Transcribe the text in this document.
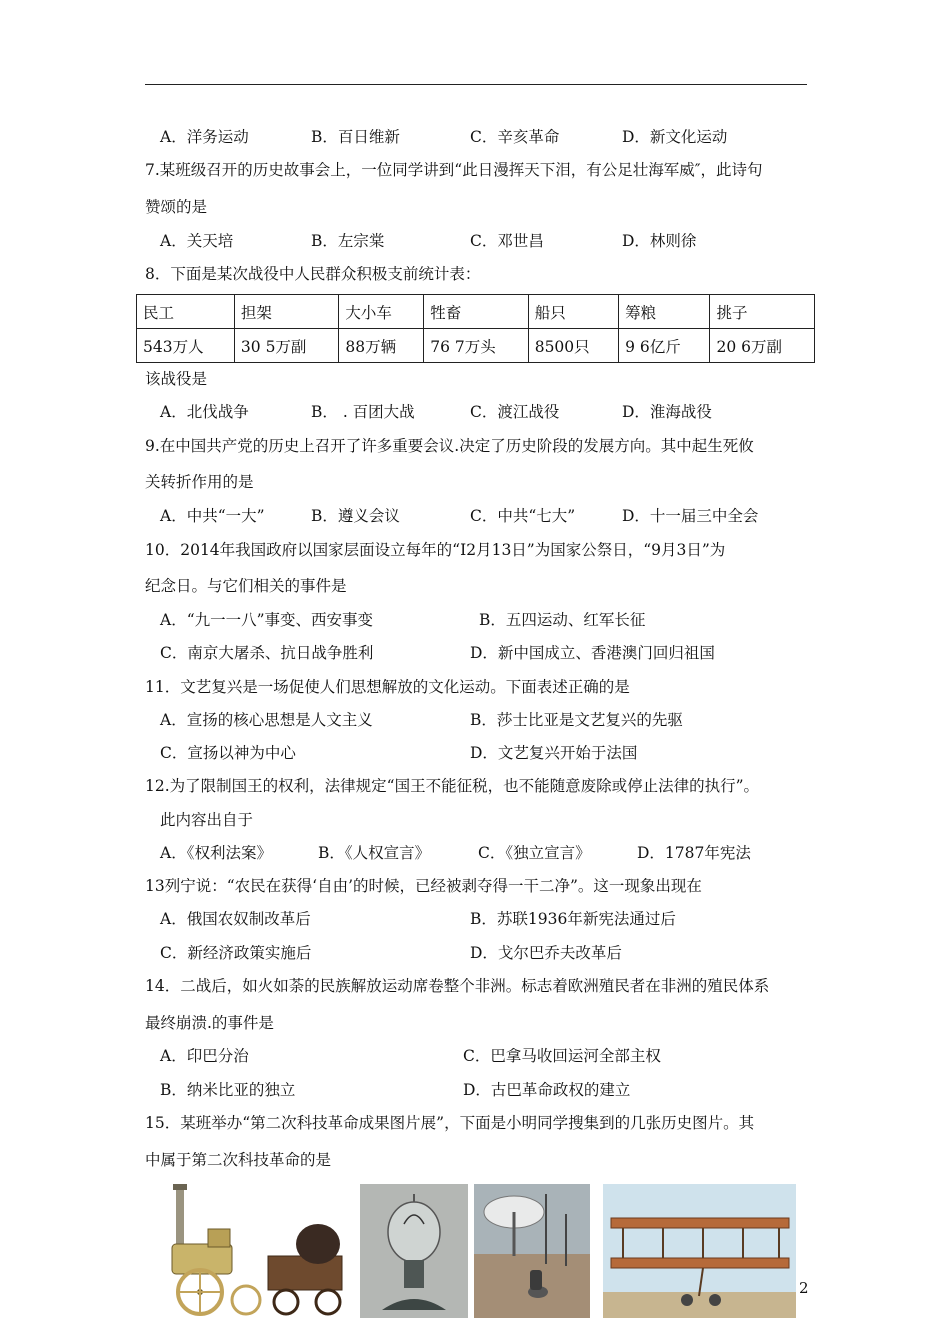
A．洋务运动	B．百日维新	C．辛亥革命	D．新文化运动
7.某班级召开的历史故事会上，一位同学讲到“此日漫挥天下泪，有公足壮海军威″，此诗句
赞颂的是
A．关天培	B．左宗棠	C．邓世昌	D．林则徐
8．下面是某次战役中人民群众积极支前统计表：
民工	担架	大小车	牲畜	船只	筹粮	挑子
543万人	30 5万副	88万辆	76 7万头	8500只	9 6亿斤	20 6万副
该战役是
A．北伐战争	B． . 百团大战	C．渡江战役	D．淮海战役
9.在中国共产党的历史上召开了许多重要会议.决定了历史阶段的发展方向。其中起生死攸
关转折作用的是
A．中共“一大”	B．遵义会议	C．中共“七大”	D．十一届三中全会
10．2014年我国政府以国家层面设立每年的“I2月13日”为国家公祭日，“9月3日”为
纪念日。与它们相关的事件是
A．“九一一八”事变、西安事变	B．五四运动、红军长征
C．南京大屠杀、抗日战争胜利	D．新中国成立、香港澳门回归祖国
11．文艺复兴是一场促使人们思想解放的文化运动。下面表述正确的是
A．宣扬的核心思想是人文主义	B．莎士比亚是文艺复兴的先驱
C．宣扬以神为中心	D．文艺复兴开始于法国
12.为了限制国王的权利，法律规定“国王不能征税，也不能随意废除或停止法律的执行”。
此内容出自于
A．《权利法案》	B．《人权宣言》	C．《独立宣言》	D．1787年宪法
13列宁说：“农民在获得‘自由’的时候，已经被剥夺得一干二净”。这一现象出现在
A．俄国农奴制改革后	B．苏联1936年新宪法通过后
C．新经济政策实施后	D．戈尔巴乔夫改革后
14．二战后，如火如荼的民族解放运动席卷整个非洲。标志着欧洲殖民者在非洲的殖民体系
最终崩溃.的事件是
A．印巴分治	C．巴拿马收回运河全部主权
B．纳米比亚的独立	D．古巴革命政权的建立
15．某班举办“第二次科技革命成果图片展”，下面是小明同学搜集到的几张历史图片。其
中属于第二次科技革命的是
2
